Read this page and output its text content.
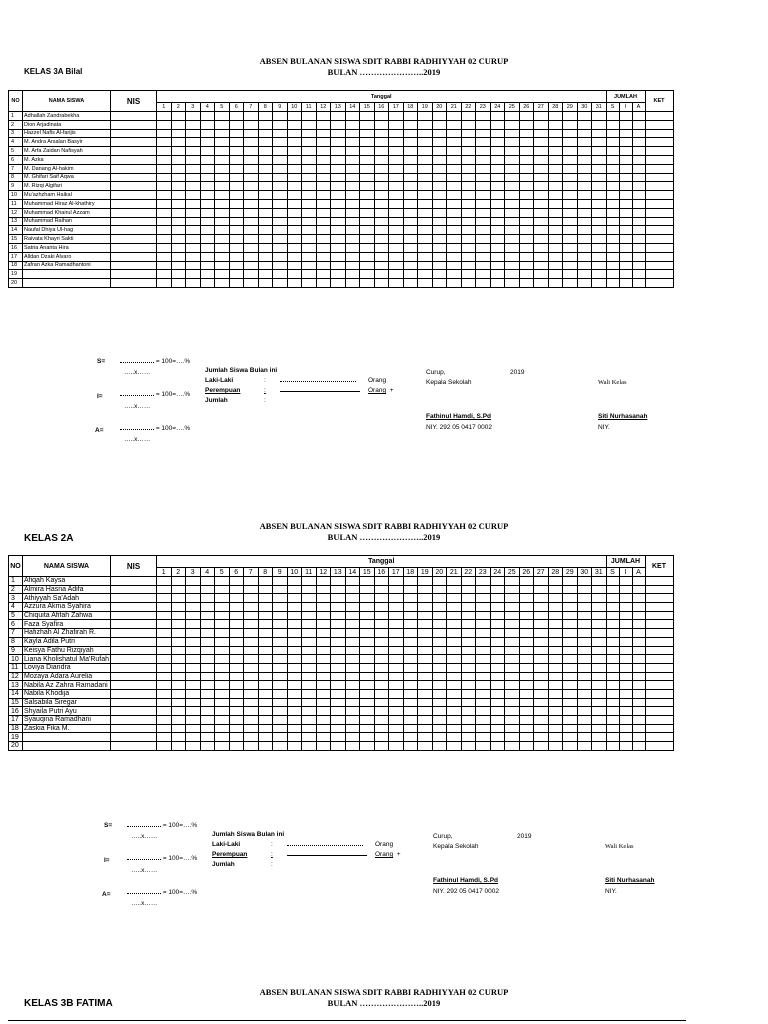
ABSEN BULANAN SISWA SDIT RABBI RADHIYYAH 02 CURUP
BULAN …………………..2019
KELAS 3A Bilal
NO	NAMA SISWA	NIS	Tanggal																															JUMLAH			KET
			1	2	3	4	5	6	7	8	9	10	11	12	13	14	15	16	17	18	19	20	21	22	23	24	25	26	27	28	29	30	31	S	I	A	
1	Adhallah Zandrabekha																																				
2	Dion Arjadinata																																				
3	Hazzel Nafis Al-farijis																																				
4	M. Andra Arsalan Basyir																																				
5	M. Arfa Zaidan Nafisyah																																				
6	M. Azka																																				
7	M. Danang Al-hakim																																				
8	M. Ghifari Saif Aqwa																																				
9	M. Rizqi Algifari																																				
10	Mu'azhzham Haikal																																				
11	Muhammad Hiraz Al-khathiry																																				
12	Muhammad Khairul Azzam																																				
13	Muhammad Raihan																																				
14	Naufal Dhiya Ul-hag																																				
15	Raivata Khayri Sakti																																				
16	Satria Ananta Hira																																				
17	Alldan Dzaki Alvaro																																				
18	Zafran Azka Ramadhantoni																																				
19																																					
20																																					
S=	= 100=….%
…..x……
I=	= 100=….%
…..x……
A=	= 100=….%
…..x……
Jumlah Siswa Bulan ini
Laki-Laki	:	Orang
Perempuan	:	Orang +
Jumlah	:
Curup,	2019
Kepala Sekolah	Wali Kelas
Fathinul Hamdi, S.Pd	Siti Nurhasanah
NIY. 292 05 0417 0002	NIY.
ABSEN BULANAN SISWA SDIT RABBI RADHIYYAH 02 CURUP
BULAN …………………..2019
KELAS 2A
NO	NAMA SISWA	NIS	Tanggal																															JUMLAH			KET
			1	2	3	4	5	6	7	8	9	10	11	12	13	14	15	16	17	18	19	20	21	22	23	24	25	26	27	28	29	30	31	S	I	A	
1	Afiqah Kaysa																																				
2	Almira Hasna Adifa																																				
3	Athiyyah Sa'Adah																																				
4	Azzura Akma Syahira																																				
5	Chiquita Afifah Zahwa																																				
6	Faza Syafira																																				
7	Hafizhah Al Zhafirah R.																																				
8	Kayla Adila Putri																																				
9	Keisya Fathu Rizqiyah																																				
10	Liana Kholishatul Ma'Rufah																																				
11	Loviya Diandra																																				
12	Mozaya Adara Aurelia																																				
13	Nabila Az Zahra Ramadani																																				
14	Nabila Khodija																																				
15	Salsabila Siregar																																				
16	Shyaila Putri Ayu																																				
17	Syauqina Ramadhani																																				
18	Zaskia Fika M.																																				
19																																					
20																																					
S=	= 100=….%
…..x……
I=	= 100=….%
…..x……
A=	= 100=….%
…..x……
Jumlah Siswa Bulan ini
Laki-Laki	:	Orang
Perempuan	:	Orang +
Jumlah	:
Curup,	2019
Kepala Sekolah	Wali Kelas
Fathinul Hamdi, S.Pd	Siti Nurhasanah
NIY. 292 05 0417 0002	NIY.
ABSEN BULANAN SISWA SDIT RABBI RADHIYYAH 02 CURUP
BULAN …………………..2019
KELAS 3B FATIMA
